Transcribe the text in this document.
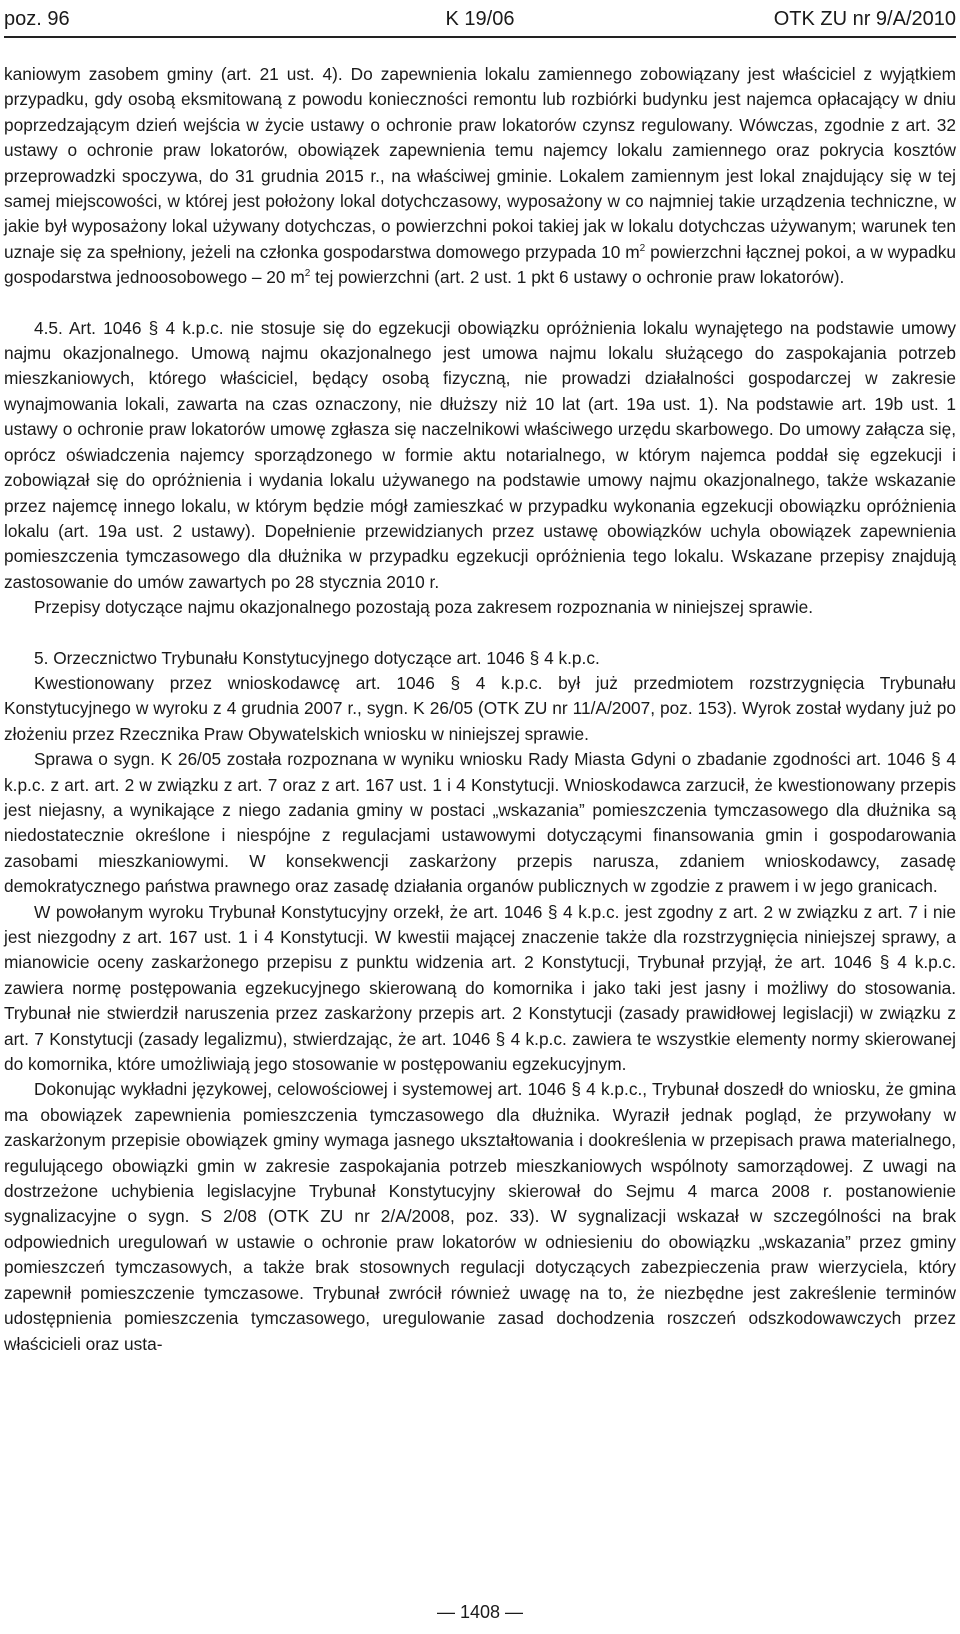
K 19/06
poz. 96	OTK ZU nr 9/A/2010

kaniowym zasobem gminy (art. 21 ust. 4). Do zapewnienia lokalu zamiennego zobowiązany jest właściciel z wyjątkiem przypadku, gdy osobą eksmitowaną z powodu konieczności remontu lub rozbiórki budynku jest najemca opłacający w dniu poprzedzającym dzień wejścia w życie ustawy o ochronie praw lokatorów czynsz regulowany. Wówczas, zgodnie z art. 32 ustawy o ochronie praw lokatorów, obowiązek zapewnienia temu najemcy lokalu zamiennego oraz pokrycia kosztów przeprowadzki spoczywa, do 31 grudnia 2015 r., na właściwej gminie. Lokalem zamiennym jest lokal znajdujący się w tej samej miejscowości, w której jest położony lokal dotychczasowy, wyposażony w co najmniej takie urządzenia techniczne, w jakie był wyposażony lokal używany dotychczas, o powierzchni pokoi takiej jak w lokalu dotychczas używanym; warunek ten uznaje się za spełniony, jeżeli na członka gospodarstwa domowego przypada 10 $m^2$ powierzchni łącznej pokoi, a w wypadku gospodarstwa jednoosobowego – 20 $m^2$ tej powierzchni (art. 2 ust. 1 pkt 6 ustawy o ochronie praw lokatorów).

4.5. Art. 1046 § 4 k.p.c. nie stosuje się do egzekucji obowiązku opróżnienia lokalu wynajętego na podstawie umowy najmu okazjonalnego. Umową najmu okazjonalnego jest umowa najmu lokalu służącego do zaspokajania potrzeb mieszkaniowych, którego właściciel, będący osobą fizyczną, nie prowadzi działalności gospodarczej w zakresie wynajmowania lokali, zawarta na czas oznaczony, nie dłuższy niż 10 lat (art. 19a ust. 1). Na podstawie art. 19b ust. 1 ustawy o ochronie praw lokatorów umowę zgłasza się naczelnikowi właściwego urzędu skarbowego. Do umowy załącza się, oprócz oświadczenia najemcy sporządzonego w formie aktu notarialnego, w którym najemca poddał się egzekucji i zobowiązał się do opróżnienia i wydania lokalu używanego na podstawie umowy najmu okazjonalnego, także wskazanie przez najemcę innego lokalu, w którym będzie mógł zamieszkać w przypadku wykonania egzekucji obowiązku opróżnienia lokalu (art. 19a ust. 2 ustawy). Dopełnienie przewidzianych przez ustawę obowiązków uchyla obowiązek zapewnienia pomieszczenia tymczasowego dla dłużnika w przypadku egzekucji opróżnienia tego lokalu. Wskazane przepisy znajdują zastosowanie do umów zawartych po 28 stycznia 2010 r.

Przepisy dotyczące najmu okazjonalnego pozostają poza zakresem rozpoznania w niniejszej sprawie.

5. Orzecznictwo Trybunału Konstytucyjnego dotyczące art. 1046 § 4 k.p.c.

Kwestionowany przez wnioskodawcę art. 1046 § 4 k.p.c. był już przedmiotem rozstrzygnięcia Trybunału Konstytucyjnego w wyroku z 4 grudnia 2007 r., sygn. K 26/05 (OTK ZU nr 11/A/2007, poz. 153). Wyrok został wydany już po złożeniu przez Rzecznika Praw Obywatelskich wniosku w niniejszej sprawie.

Sprawa o sygn. K 26/05 została rozpoznana w wyniku wniosku Rady Miasta Gdyni o zbadanie zgodności art. 1046 § 4 k.p.c. z art. art. 2 w związku z art. 7 oraz z art. 167 ust. 1 i 4 Konstytucji. Wnioskodawca zarzucił, że kwestionowany przepis jest niejasny, a wynikające z niego zadania gminy w postaci „wskazania” pomieszczenia tymczasowego dla dłużnika są niedostatecznie określone i niespójne z regulacjami ustawowymi dotyczącymi finansowania gmin i gospodarowania zasobami mieszkaniowymi. W konsekwencji zaskarżony przepis narusza, zdaniem wnioskodawcy, zasadę demokratycznego państwa prawnego oraz zasadę działania organów publicznych w zgodzie z prawem i w jego granicach.

W powołanym wyroku Trybunał Konstytucyjny orzekł, że art. 1046 § 4 k.p.c. jest zgodny z art. 2 w związku z art. 7 i nie jest niezgodny z art. 167 ust. 1 i 4 Konstytucji. W kwestii mającej znaczenie także dla rozstrzygnięcia niniejszej sprawy, a mianowicie oceny zaskarżonego przepisu z punktu widzenia art. 2 Konstytucji, Trybunał przyjął, że art. 1046 § 4 k.p.c. zawiera normę postępowania egzekucyjnego skierowaną do komornika i jako taki jest jasny i możliwy do stosowania. Trybunał nie stwierdził naruszenia przez zaskarżony przepis art. 2 Konstytucji (zasady prawidłowej legislacji) w związku z art. 7 Konstytucji (zasady legalizmu), stwierdzając, że art. 1046 § 4 k.p.c. zawiera te wszystkie elementy normy skierowanej do komornika, które umożliwiają jego stosowanie w postępowaniu egzekucyjnym.

Dokonując wykładni językowej, celowościowej i systemowej art. 1046 § 4 k.p.c., Trybunał doszedł do wniosku, że gmina ma obowiązek zapewnienia pomieszczenia tymczasowego dla dłużnika. Wyraził jednak pogląd, że przywołany w zaskarżonym przepisie obowiązek gminy wymaga jasnego ukształtowania i dookreślenia w przepisach prawa materialnego, regulującego obowiązki gmin w zakresie zaspokajania potrzeb mieszkaniowych wspólnoty samorządowej. Z uwagi na dostrzeżone uchybienia legislacyjne Trybunał Konstytucyjny skierował do Sejmu 4 marca 2008 r. postanowienie sygnalizacyjne o sygn. S 2/08 (OTK ZU nr 2/A/2008, poz. 33). W sygnalizacji wskazał w szczególności na brak odpowiednich uregulowań w ustawie o ochronie praw lokatorów w odniesieniu do obowiązku „wskazania” przez gminy pomieszczeń tymczasowych, a także brak stosownych regulacji dotyczących zabezpieczenia praw wierzyciela, który zapewnił pomieszczenie tymczasowe. Trybunał zwrócił również uwagę na to, że niezbędne jest zakreślenie terminów udostępnienia pomieszczenia tymczasowego, uregulowanie zasad dochodzenia roszczeń odszkodowawczych przez właścicieli oraz usta-

— 1408 —
